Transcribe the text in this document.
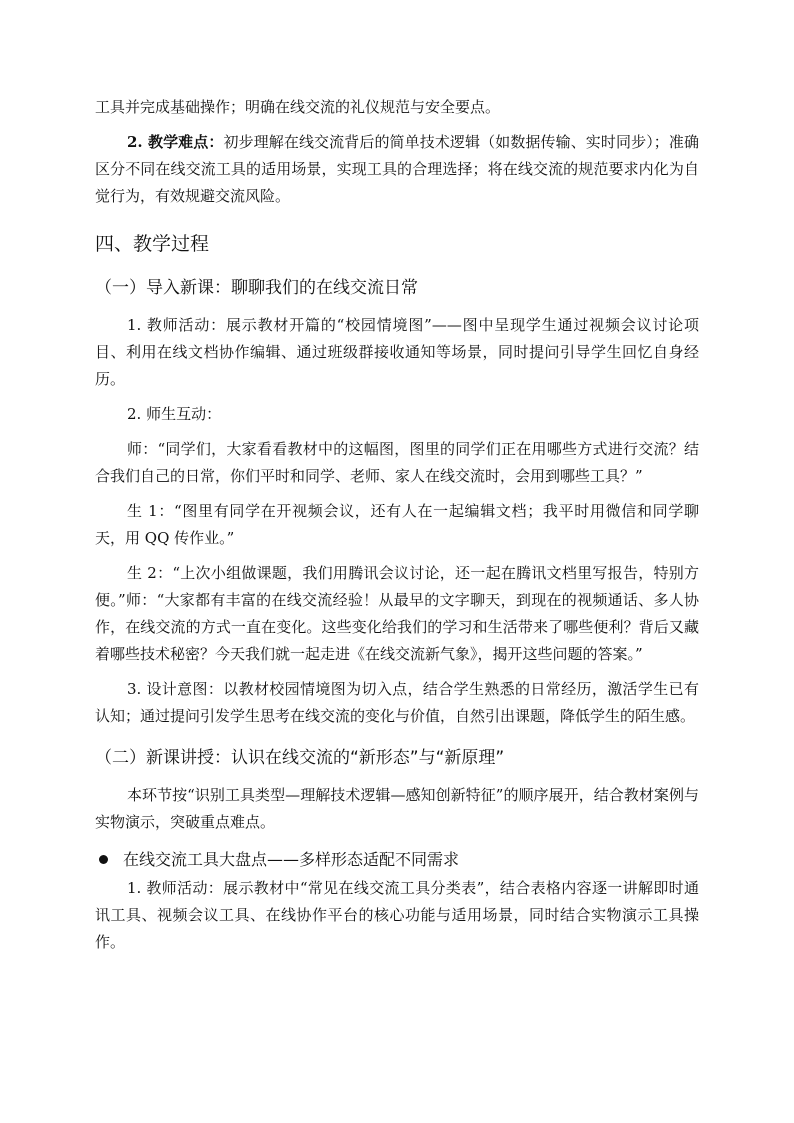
工具并完成基础操作；明确在线交流的礼仪规范与安全要点。

2. 教学难点：初步理解在线交流背后的简单技术逻辑（如数据传输、实时同步）；准确区分不同在线交流工具的适用场景，实现工具的合理选择；将在线交流的规范要求内化为自觉行为，有效规避交流风险。

四、教学过程
（一）导入新课：聊聊我们的在线交流日常

1. 教师活动：展示教材开篇的“校园情境图”——图中呈现学生通过视频会议讨论项目、利用在线文档协作编辑、通过班级群接收通知等场景，同时提问引导学生回忆自身经历。

2. 师生互动：

师：“同学们，大家看看教材中的这幅图，图里的同学们正在用哪些方式进行交流？结合我们自己的日常，你们平时和同学、老师、家人在线交流时，会用到哪些工具？”

生 1：“图里有同学在开视频会议，还有人在一起编辑文档；我平时用微信和同学聊天，用 QQ 传作业。”

生 2：“上次小组做课题，我们用腾讯会议讨论，还一起在腾讯文档里写报告，特别方便。”师：“大家都有丰富的在线交流经验！从最早的文字聊天，到现在的视频通话、多人协作，在线交流的方式一直在变化。这些变化给我们的学习和生活带来了哪些便利？背后又藏着哪些技术秘密？今天我们就一起走进《在线交流新气象》，揭开这些问题的答案。”

3. 设计意图：以教材校园情境图为切入点，结合学生熟悉的日常经历，激活学生已有认知；通过提问引发学生思考在线交流的变化与价值，自然引出课题，降低学生的陌生感。

（二）新课讲授：认识在线交流的“新形态”与“新原理”

本环节按“识别工具类型—理解技术逻辑—感知创新特征”的顺序展开，结合教材案例与实物演示，突破重点难点。

在线交流工具大盘点——多样形态适配不同需求

1. 教师活动：展示教材中“常见在线交流工具分类表”，结合表格内容逐一讲解即时通讯工具、视频会议工具、在线协作平台的核心功能与适用场景，同时结合实物演示工具操作。
